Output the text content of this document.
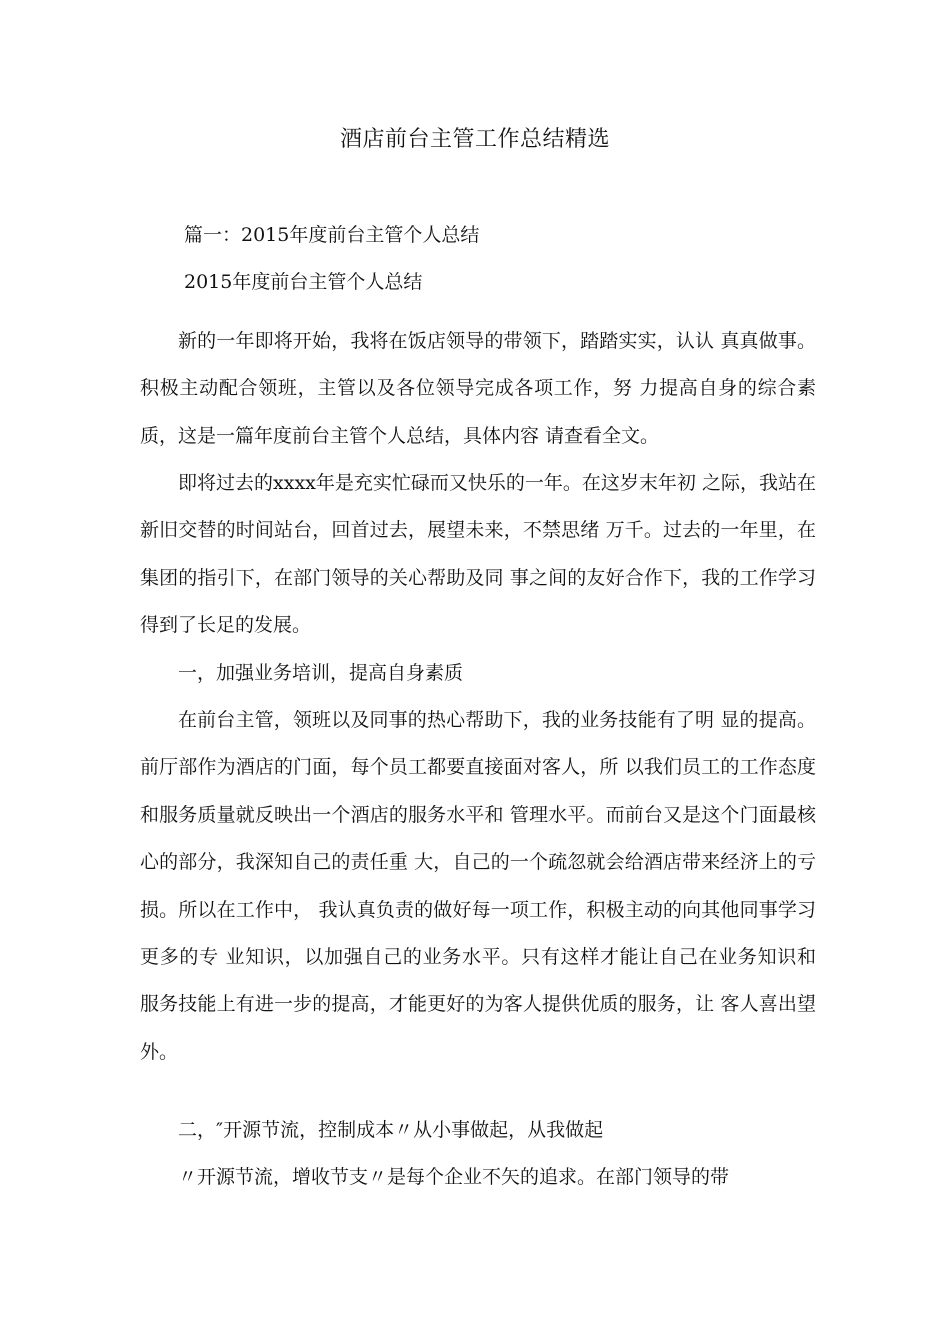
酒店前台主管工作总结精选
篇一：2015年度前台主管个人总结
2015年度前台主管个人总结

新的一年即将开始，我将在饭店领导的带领下，踏踏实实，认认 真真做事。积极主动配合领班，主管以及各位领导完成各项工作，努 力提高自身的综合素质，这是一篇年度前台主管个人总结，具体内容 请查看全文。

即将过去的xxxx年是充实忙碌而又快乐的一年。在这岁末年初 之际，我站在新旧交替的时间站台，回首过去，展望未来，不禁思绪 万千。过去的一年里，在集团的指引下，在部门领导的关心帮助及同 事之间的友好合作下，我的工作学习得到了长足的发展。

一，加强业务培训，提高自身素质

在前台主管，领班以及同事的热心帮助下，我的业务技能有了明 显的提高。前厅部作为酒店的门面，每个员工都要直接面对客人，所 以我们员工的工作态度和服务质量就反映出一个酒店的服务水平和 管理水平。而前台又是这个门面最核心的部分，我深知自己的责任重 大，自己的一个疏忽就会给酒店带来经济上的亏损。所以在工作中， 我认真负责的做好每一项工作，积极主动的向其他同事学习更多的专 业知识，以加强自己的业务水平。只有这样才能让自己在业务知识和 服务技能上有进一步的提高，才能更好的为客人提供优质的服务，让 客人喜出望外。

二，″开源节流，控制成本〃从小事做起，从我做起

〃开源节流，增收节支〃是每个企业不矢的追求。在部门领导的带
